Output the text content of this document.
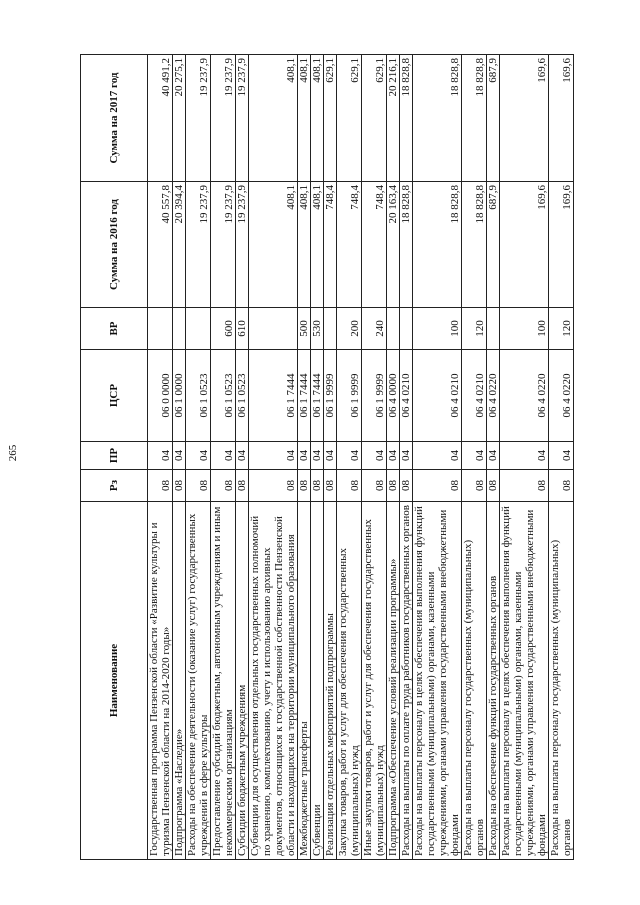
265
Наименование	Рз	ПР	ЦСР	ВР	Сумма на 2016 год	Сумма на 2017 год
Государственная программа Пензенской области «Развитие культуры и туризма Пензенской области на 2014-2020 годы»	08	04	06 0 0000		40 557,8	40 491,2
Подпрограмма «Наследие»	08	04	06 1 0000		20 394,4	20 275,1
Расходы на обеспечение деятельности (оказание услуг) государственных учреждений в сфере культуры	08	04	06 1 0523		19 237,9	19 237,9
Предоставление субсидий бюджетным, автономным учреждениям и иным некоммерческим организациям	08	04	06 1 0523	600	19 237,9	19 237,9
Субсидии бюджетным учреждениям	08	04	06 1 0523	610	19 237,9	19 237,9
Субвенции для осуществления отдельных государственных полномочий по хранению, комплектованию, учету и использованию архивных документов, относящихся к государственной собственности Пензенской области и находящихся на территории муниципального образования	08	04	06 1 7444		408,1	408,1
Межбюджетные трансферты	08	04	06 1 7444	500	408,1	408,1
Субвенции	08	04	06 1 7444	530	408,1	408,1
Реализация отдельных мероприятий подпрограммы	08	04	06 1 9999		748,4	629,1
Закупка товаров, работ и услуг для обеспечения государственных (муниципальных) нужд	08	04	06 1 9999	200	748,4	629,1
Иные закупки товаров, работ и услуг для обеспечения государственных (муниципальных) нужд	08	04	06 1 9999	240	748,4	629,1
Подпрограмма «Обеспечение условий реализации программы»	08	04	06 4 0000		20 163,4	20 216,1
Расходы на выплаты по оплате труда работников государственных органов	08	04	06 4 0210		18 828,8	18 828,8
Расходы на выплаты персоналу в целях обеспечения выполнения функций государственными (муниципальными) органами, казенными учреждениями, органами управления государственными внебюджетными фондами	08	04	06 4 0210	100	18 828,8	18 828,8
Расходы на выплаты персоналу государственных (муниципальных) органов	08	04	06 4 0210	120	18 828,8	18 828,8
Расходы на обеспечение функций государственных органов	08	04	06 4 0220		687,9	687,9
Расходы на выплаты персоналу в целях обеспечения выполнения функций государственными (муниципальными) органами, казенными учреждениями, органами управления государственными внебюджетными фондами	08	04	06 4 0220	100	169,6	169,6
Расходы на выплаты персоналу государственных (муниципальных) органов	08	04	06 4 0220	120	169,6	169,6
